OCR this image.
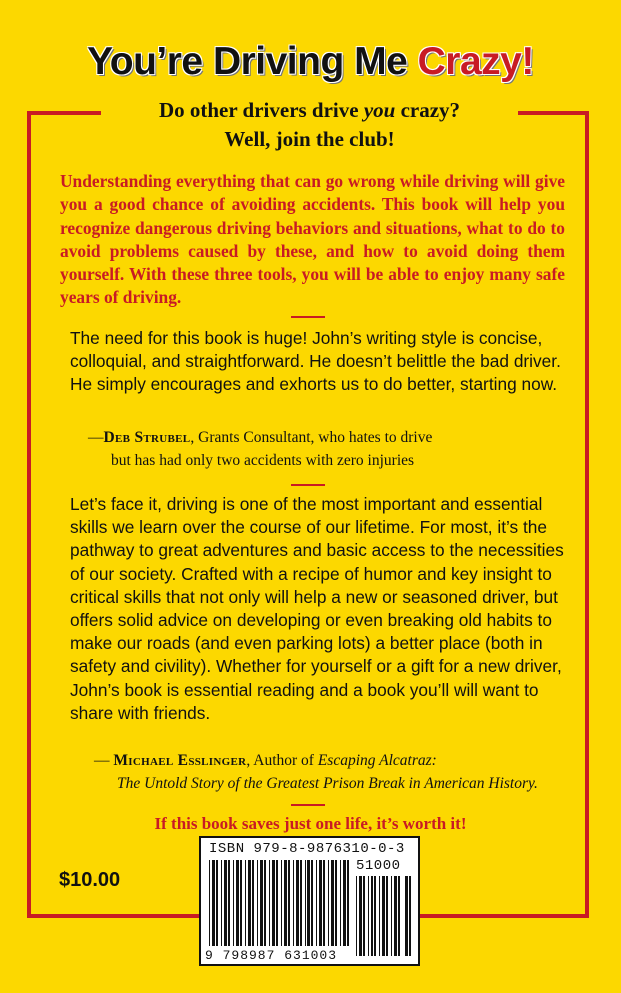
You’re Driving Me Crazy!
Do other drivers drive you crazy?
Well, join the club!
Understanding everything that can go wrong while driving will give you a good chance of avoiding accidents. This book will help you recognize dangerous driving behaviors and situations, what to do to avoid problems caused by these, and how to avoid doing them yourself. With these three tools, you will be able to enjoy many safe years of driving.
The need for this book is huge! John’s writing style is concise, colloquial, and straightforward. He doesn’t belittle the bad driver. He simply encourages and exhorts us to do better, starting now.
—Deb Strubel, Grants Consultant, who hates to drive
but has had only two accidents with zero injuries
Let’s face it, driving is one of the most important and essential skills we learn over the course of our lifetime. For most, it’s the pathway to great adventures and basic access to the necessities of our society. Crafted with a recipe of humor and key insight to critical skills that not only will help a new or seasoned driver, but offers solid advice on developing or even breaking old habits to make our roads (and even parking lots) a better place (both in safety and civility). Whether for yourself or a gift for a new driver, John’s book is essential reading and a book you’ll will want to share with friends.
— Michael Esslinger, Author of Escaping Alcatraz:
The Untold Story of the Greatest Prison Break in American History.
If this book saves just one life, it’s worth it!
$10.00
ISBN 979-8-9876310-0-3
51000
9 798987 631003
